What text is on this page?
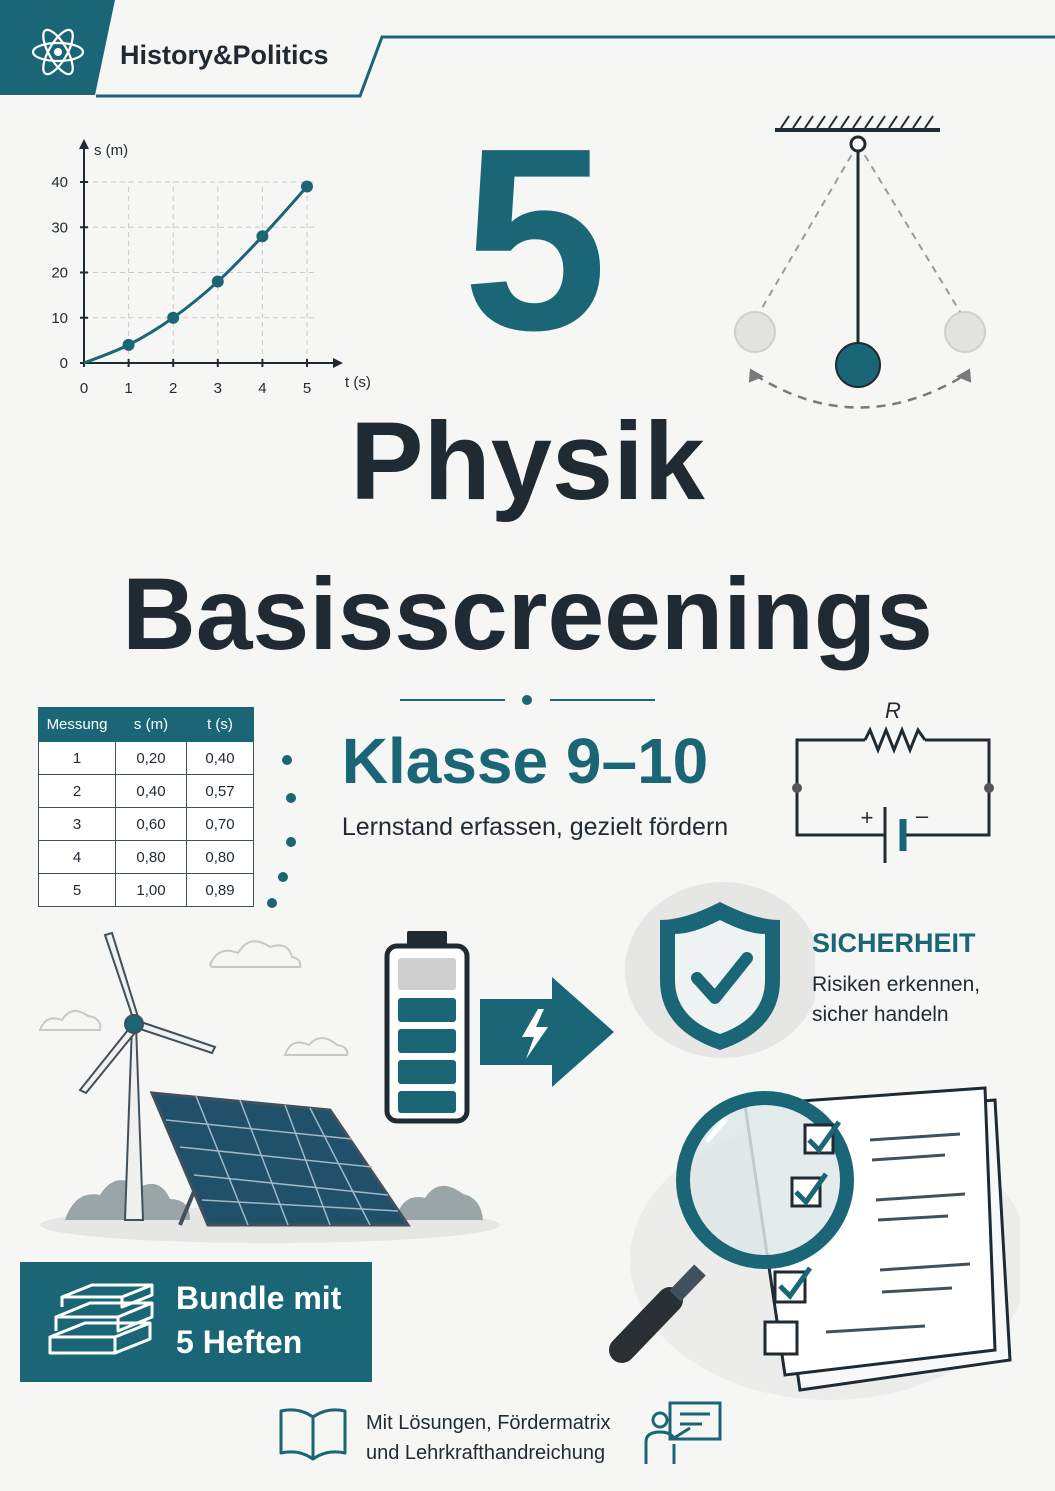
History&Politics
0 1 2 3 4 5
0
10
20
30
40
t (s)
s (m) 5
Physik
Basisscreenings
Klasse 9–10
Lernstand erfassen, gezielt fördern
Messung	s (m)	t (s)
1	0,20	0,40
2	0,40	0,57
3	0,60	0,70
4	0,80	0,80
5	1,00	0,89
R
+ –
SICHERHEIT
Risiken erkennen, sicher handeln
Bundle mit
5 Heften
Mit Lösungen, Fördermatrix
und Lehrkrafthandreichung
